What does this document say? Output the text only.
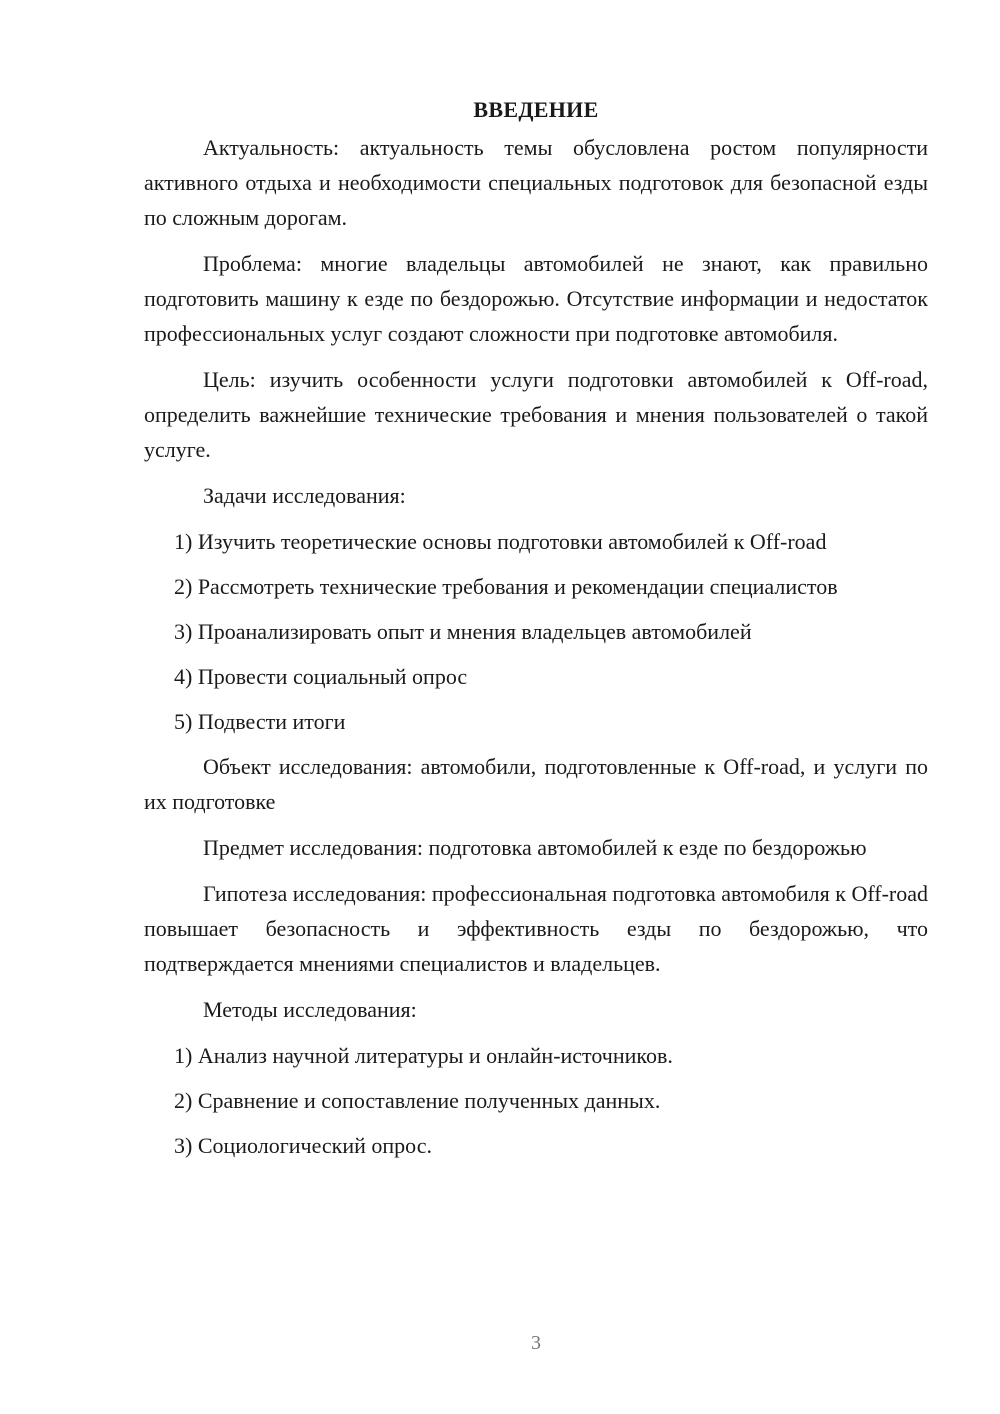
ВВЕДЕНИЕ

Актуальность: актуальность темы обусловлена ростом популярности активного отдыха и необходимости специальных подготовок для безопасной езды по сложным дорогам.

Проблема: многие владельцы автомобилей не знают, как правильно подготовить машину к езде по бездорожью. Отсутствие информации и недостаток профессиональных услуг создают сложности при подготовке автомобиля.

Цель: изучить особенности услуги подготовки автомобилей к Off-road, определить важнейшие технические требования и мнения пользователей о такой услуге.

Задачи исследования:

1) Изучить теоретические основы подготовки автомобилей к Off-road
2) Рассмотреть технические требования и рекомендации специалистов
3) Проанализировать опыт и мнения владельцев автомобилей
4) Провести социальный опрос
5) Подвести итоги

Объект исследования: автомобили, подготовленные к Off-road, и услуги по их подготовке

Предмет исследования: подготовка автомобилей к езде по бездорожью

Гипотеза исследования: профессиональная подготовка автомобиля к Off-road повышает безопасность и эффективность езды по бездорожью, что подтверждается мнениями специалистов и владельцев.

Методы исследования:

1) Анализ научной литературы и онлайн-источников.
2) Сравнение и сопоставление полученных данных.
3) Социологический опрос.
3
